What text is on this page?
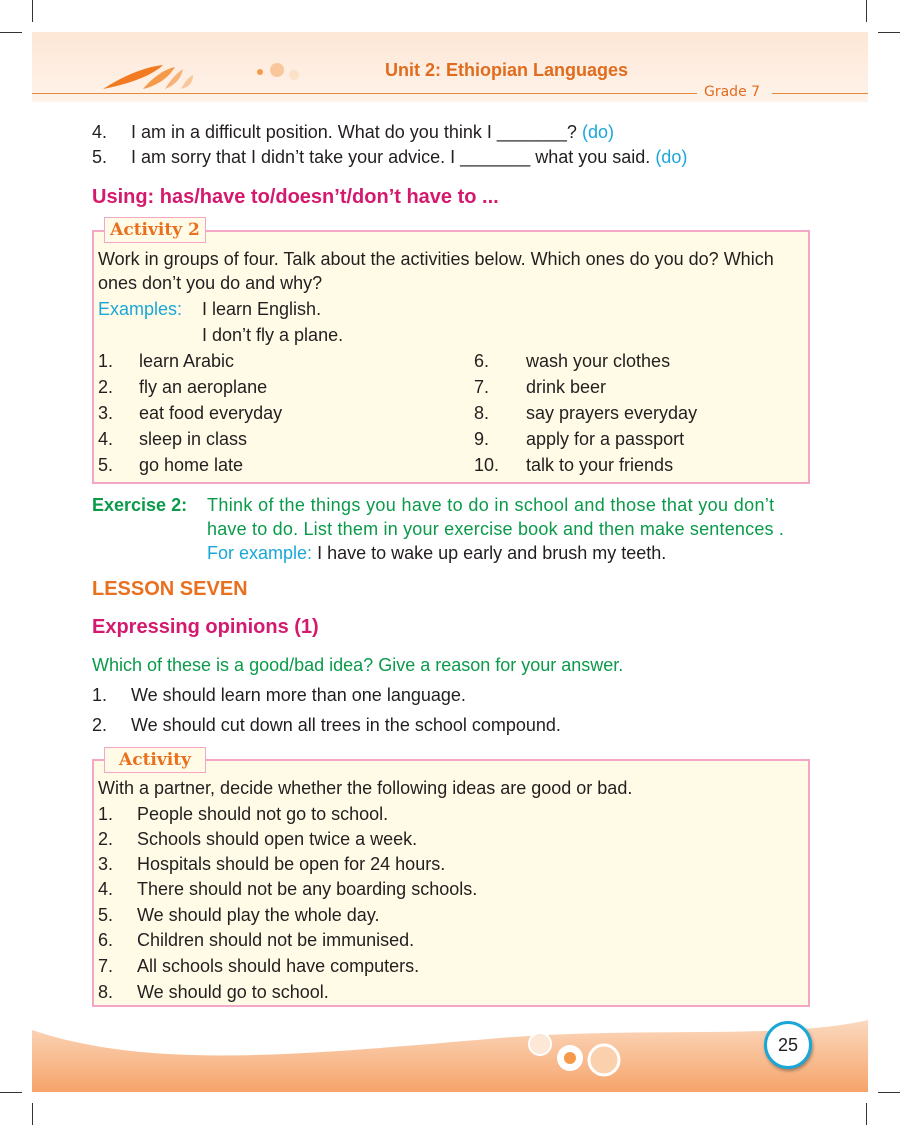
Unit 2: Ethiopian Languages
Grade 7
4. I am in a difficult position. What do you think I _______? (do)
5. I am sorry that I didn’t take your advice. I _______ what you said. (do)
Using: has/have to/doesn’t/don’t have to ...
Activity 2
Work in groups of four. Talk about the activities below. Which ones do you do? Which
ones don’t you do and why?
Examples: I learn English.
I don’t fly a plane.
1. learn Arabic
2. fly an aeroplane
3. eat food everyday
4. sleep in class
5. go home late
6. wash your clothes
7. drink beer
8. say prayers everyday
9. apply for a passport
10. talk to your friends
Exercise 2: Think of the things you have to do in school and those that you don’t
have to do. List them in your exercise book and then make sentences .
For example: I have to wake up early and brush my teeth.
LESSON SEVEN
Expressing opinions (1)
Which of these is a good/bad idea? Give a reason for your answer.
1. We should learn more than one language.
2. We should cut down all trees in the school compound.
Activity
With a partner, decide whether the following ideas are good or bad.
1. People should not go to school.
2. Schools should open twice a week.
3. Hospitals should be open for 24 hours.
4. There should not be any boarding schools.
5. We should play the whole day.
6. Children should not be immunised.
7. All schools should have computers.
8. We should go to school.
25
